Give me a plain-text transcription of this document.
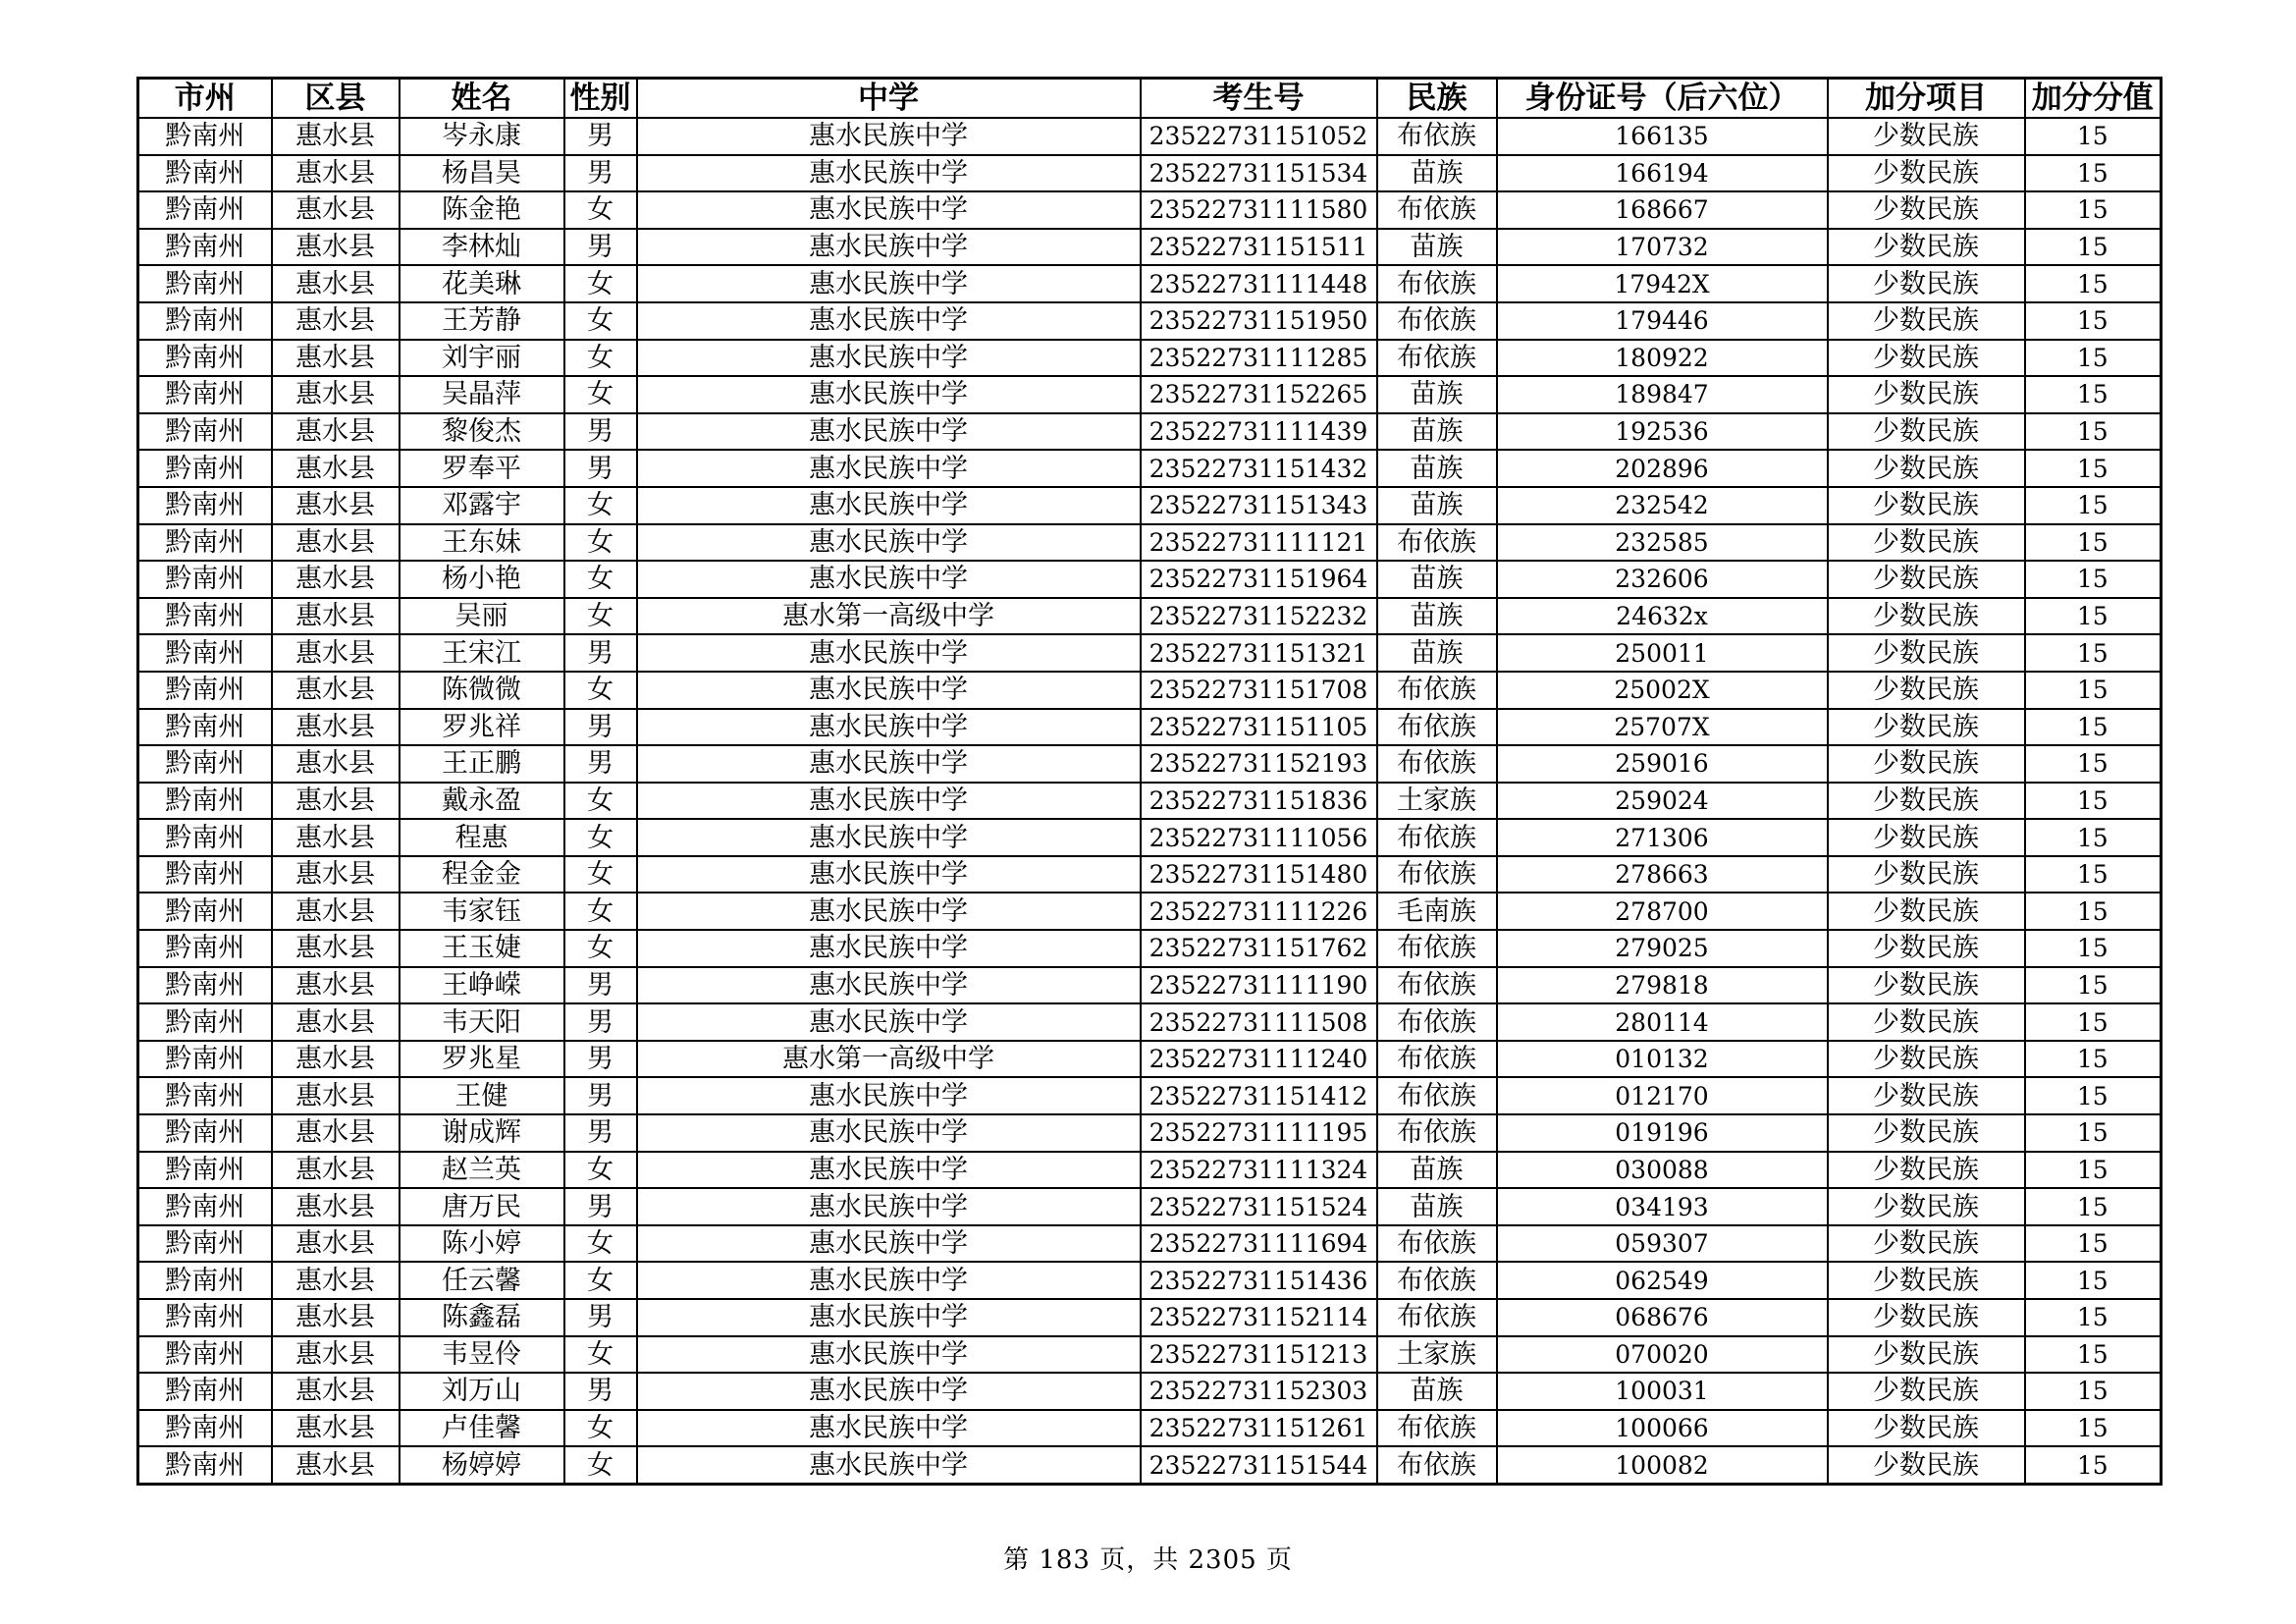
市州	区县	姓名	性别	中学	考生号	民族	身份证号（后六位）	加分项目	加分分值
黔南州	惠水县	岑永康	男	惠水民族中学	23522731151052	布依族	166135	少数民族	15
黔南州	惠水县	杨昌昊	男	惠水民族中学	23522731151534	苗族	166194	少数民族	15
黔南州	惠水县	陈金艳	女	惠水民族中学	23522731111580	布依族	168667	少数民族	15
黔南州	惠水县	李林灿	男	惠水民族中学	23522731151511	苗族	170732	少数民族	15
黔南州	惠水县	花美琳	女	惠水民族中学	23522731111448	布依族	17942X	少数民族	15
黔南州	惠水县	王芳静	女	惠水民族中学	23522731151950	布依族	179446	少数民族	15
黔南州	惠水县	刘宇丽	女	惠水民族中学	23522731111285	布依族	180922	少数民族	15
黔南州	惠水县	吴晶萍	女	惠水民族中学	23522731152265	苗族	189847	少数民族	15
黔南州	惠水县	黎俊杰	男	惠水民族中学	23522731111439	苗族	192536	少数民族	15
黔南州	惠水县	罗奉平	男	惠水民族中学	23522731151432	苗族	202896	少数民族	15
黔南州	惠水县	邓露宇	女	惠水民族中学	23522731151343	苗族	232542	少数民族	15
黔南州	惠水县	王东妹	女	惠水民族中学	23522731111121	布依族	232585	少数民族	15
黔南州	惠水县	杨小艳	女	惠水民族中学	23522731151964	苗族	232606	少数民族	15
黔南州	惠水县	吴丽	女	惠水第一高级中学	23522731152232	苗族	24632x	少数民族	15
黔南州	惠水县	王宋江	男	惠水民族中学	23522731151321	苗族	250011	少数民族	15
黔南州	惠水县	陈微微	女	惠水民族中学	23522731151708	布依族	25002X	少数民族	15
黔南州	惠水县	罗兆祥	男	惠水民族中学	23522731151105	布依族	25707X	少数民族	15
黔南州	惠水县	王正鹏	男	惠水民族中学	23522731152193	布依族	259016	少数民族	15
黔南州	惠水县	戴永盈	女	惠水民族中学	23522731151836	土家族	259024	少数民族	15
黔南州	惠水县	程惠	女	惠水民族中学	23522731111056	布依族	271306	少数民族	15
黔南州	惠水县	程金金	女	惠水民族中学	23522731151480	布依族	278663	少数民族	15
黔南州	惠水县	韦家钰	女	惠水民族中学	23522731111226	毛南族	278700	少数民族	15
黔南州	惠水县	王玉婕	女	惠水民族中学	23522731151762	布依族	279025	少数民族	15
黔南州	惠水县	王峥嵘	男	惠水民族中学	23522731111190	布依族	279818	少数民族	15
黔南州	惠水县	韦天阳	男	惠水民族中学	23522731111508	布依族	280114	少数民族	15
黔南州	惠水县	罗兆星	男	惠水第一高级中学	23522731111240	布依族	010132	少数民族	15
黔南州	惠水县	王健	男	惠水民族中学	23522731151412	布依族	012170	少数民族	15
黔南州	惠水县	谢成辉	男	惠水民族中学	23522731111195	布依族	019196	少数民族	15
黔南州	惠水县	赵兰英	女	惠水民族中学	23522731111324	苗族	030088	少数民族	15
黔南州	惠水县	唐万民	男	惠水民族中学	23522731151524	苗族	034193	少数民族	15
黔南州	惠水县	陈小婷	女	惠水民族中学	23522731111694	布依族	059307	少数民族	15
黔南州	惠水县	任云馨	女	惠水民族中学	23522731151436	布依族	062549	少数民族	15
黔南州	惠水县	陈鑫磊	男	惠水民族中学	23522731152114	布依族	068676	少数民族	15
黔南州	惠水县	韦昱伶	女	惠水民族中学	23522731151213	土家族	070020	少数民族	15
黔南州	惠水县	刘万山	男	惠水民族中学	23522731152303	苗族	100031	少数民族	15
黔南州	惠水县	卢佳馨	女	惠水民族中学	23522731151261	布依族	100066	少数民族	15
黔南州	惠水县	杨婷婷	女	惠水民族中学	23522731151544	布依族	100082	少数民族	15
第 183 页，共 2305 页
